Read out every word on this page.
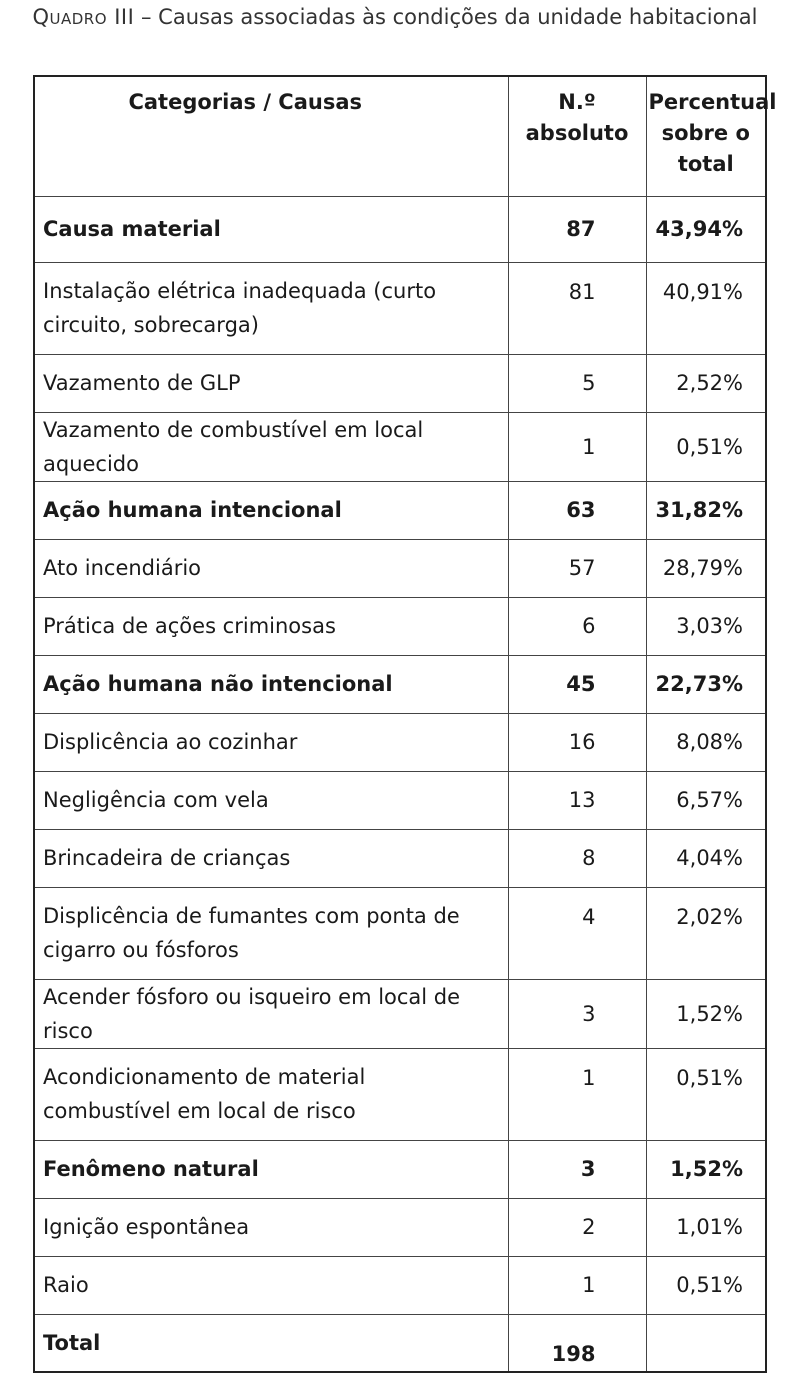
Quadro III – Causas associadas às condições da unidade habitacional
Categorias / Causas	N.º absoluto	Percentual sobre o total
Causa material	87	43,94%
Instalação elétrica inadequada (curto circuito, sobrecarga)	81	40,91%
Vazamento de GLP	5	2,52%
Vazamento de combustível em local aquecido	1	0,51%
Ação humana intencional	63	31,82%
Ato incendiário	57	28,79%
Prática de ações criminosas	6	3,03%
Ação humana não intencional	45	22,73%
Displicência ao cozinhar	16	8,08%
Negligência com vela	13	6,57%
Brincadeira de crianças	8	4,04%
Displicência de fumantes com ponta de cigarro ou fósforos	4	2,02%
Acender fósforo ou isqueiro em local de risco	3	1,52%
Acondicionamento de material combustível em local de risco	1	0,51%
Fenômeno natural	3	1,52%
Ignição espontânea	2	1,01%
Raio	1	0,51%
Total	198	
